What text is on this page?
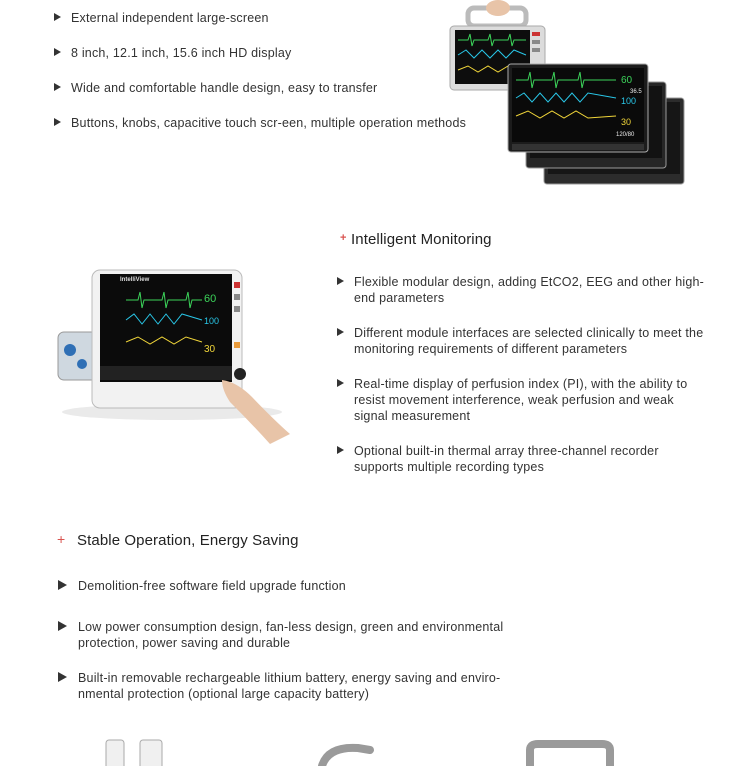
External independent large-screen
8 inch, 12.1 inch, 15.6 inch HD display
Wide and comfortable handle design, easy to transfer
Buttons, knobs, capacitive touch scr-een, multiple operation methods
60
36.5
100
30
120/80
IntelliView
60
100
30
+ Intelligent Monitoring
Flexible modular design, adding EtCO2, EEG and other high-end parameters
Different module interfaces are selected clinically to meet the monitoring requirements of different parameters
Real-time display of perfusion index (PI), with the ability to resist movement interference, weak perfusion and weak signal measurement
Optional built-in thermal array three-channel recorder supports multiple recording types
+ Stable Operation, Energy Saving
Demolition-free software field upgrade function
Low power consumption design, fan-less design, green and environmental protection, power saving and durable
Built-in removable rechargeable lithium battery, energy saving and enviro-nmental protection (optional large capacity battery)
